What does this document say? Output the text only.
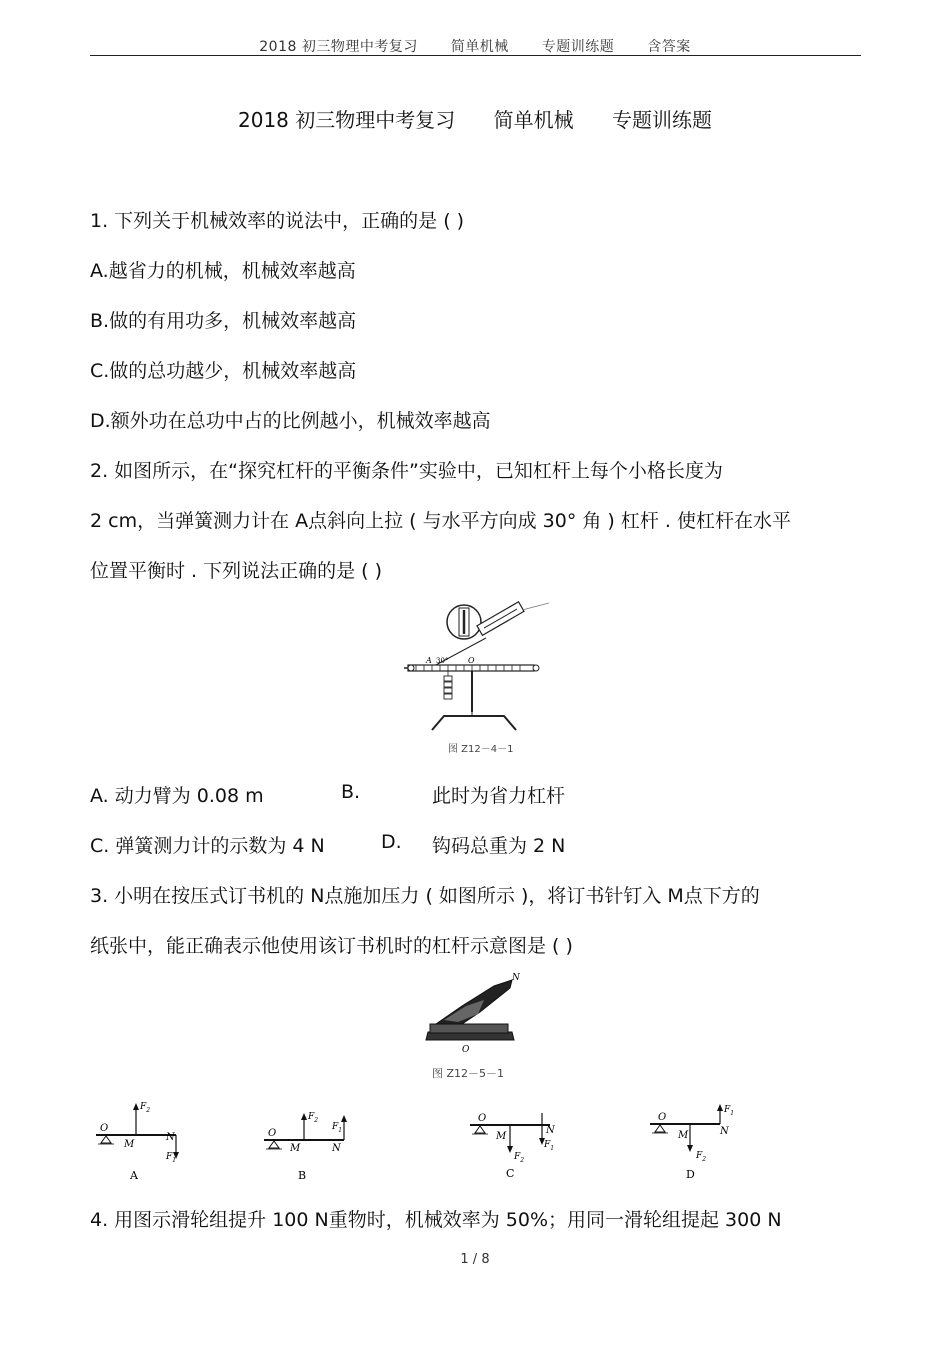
2018 初三物理中考复习 简单机械 专题训练题 含答案
2018 初三物理中考复习 简单机械 专题训练题
1. 下列关于机械效率的说法中，正确的是 ( )
A.越省力的机械，机械效率越高
B.做的有用功多，机械效率越高
C.做的总功越少，机械效率越高
D.额外功在总功中占的比例越小，机械效率越高
2. 如图所示，在“探究杠杆的平衡条件”实验中，已知杠杆上每个小格长度为
2 cm，当弹簧测力计在 A点斜向上拉 ( 与水平方向成 30° 角 ) 杠杆 . 使杠杆在水平
位置平衡时 . 下列说法正确的是 ( )
A 30° O
图 Z12－4－1
A. 动力臂为 0.08 m	B.	此时为省力杠杆
C. 弹簧测力计的示数为 4 N	D. 钩码总重为 2 N
3. 小明在按压式订书机的 N点施加压力 ( 如图所示 )，将订书针钉入 M点下方的
纸张中，能正确表示他使用该订书机时的杠杆示意图是 ( )
N
M
O
图 Z12－5－1
O
M
N
$F_2$
$F_1$
A
O
M	N
$F_2$
$F_1$
B
O
M
N
$F_1$
$F_2$
C
O
M	N
$F_1$
$F_2$
D
4. 用图示滑轮组提升 100 N重物时，机械效率为 50%；用同一滑轮组提起 300 N
1 / 8
